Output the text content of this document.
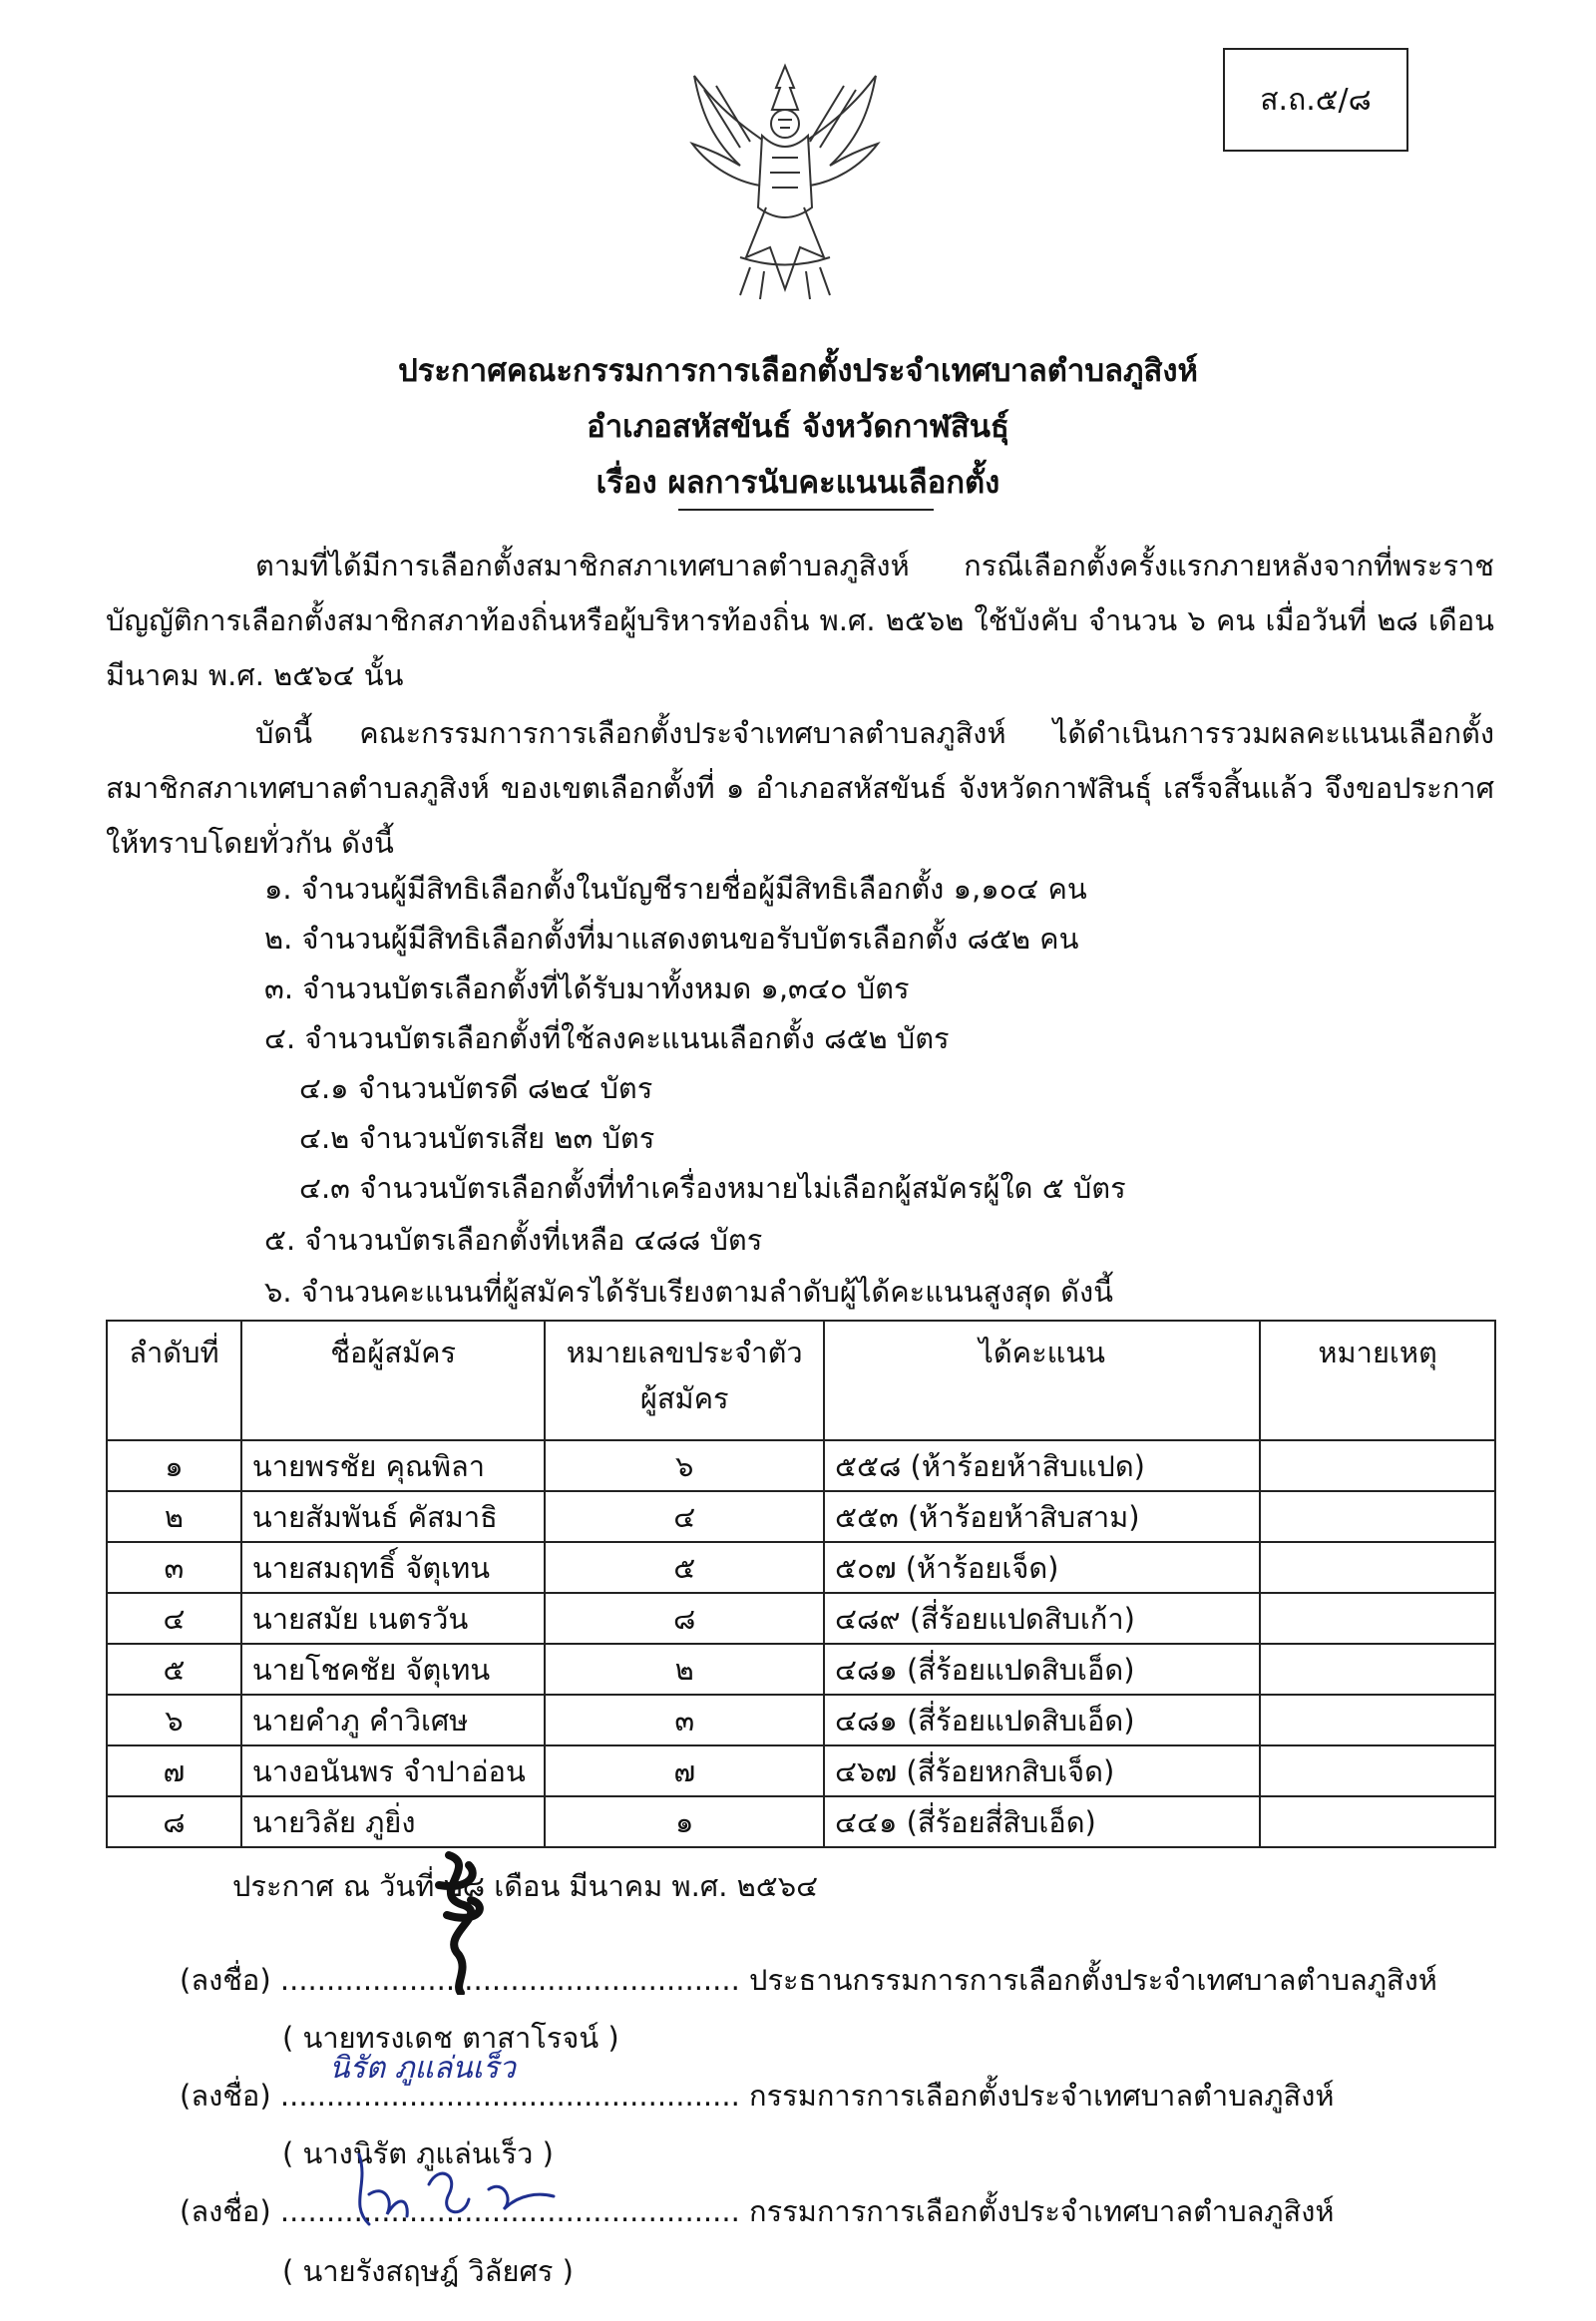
ส.ถ.๕/๘
ประกาศคณะกรรมการการเลือกตั้งประจำเทศบาลตำบลภูสิงห์
อำเภอสหัสขันธ์ จังหวัดกาฬสินธุ์
เรื่อง ผลการนับคะแนนเลือกตั้ง
ตามที่ได้มีการเลือกตั้งสมาชิกสภาเทศบาลตำบลภูสิงห์ กรณีเลือกตั้งครั้งแรกภายหลังจากที่พระราชบัญญัติการเลือกตั้งสมาชิกสภาท้องถิ่นหรือผู้บริหารท้องถิ่น พ.ศ. ๒๕๖๒ ใช้บังคับ จำนวน ๖ คน เมื่อวันที่ ๒๘ เดือน มีนาคม พ.ศ. ๒๕๖๔ นั้น
บัดนี้ คณะกรรมการการเลือกตั้งประจำเทศบาลตำบลภูสิงห์ ได้ดำเนินการรวมผลคะแนนเลือกตั้งสมาชิกสภาเทศบาลตำบลภูสิงห์ ของเขตเลือกตั้งที่ ๑ อำเภอสหัสขันธ์ จังหวัดกาฬสินธุ์ เสร็จสิ้นแล้ว จึงขอประกาศให้ทราบโดยทั่วกัน ดังนี้
๑. จำนวนผู้มีสิทธิเลือกตั้งในบัญชีรายชื่อผู้มีสิทธิเลือกตั้ง ๑,๑๐๔ คน
๒. จำนวนผู้มีสิทธิเลือกตั้งที่มาแสดงตนขอรับบัตรเลือกตั้ง ๘๕๒ คน
๓. จำนวนบัตรเลือกตั้งที่ได้รับมาทั้งหมด ๑,๓๔๐ บัตร
๔. จำนวนบัตรเลือกตั้งที่ใช้ลงคะแนนเลือกตั้ง ๘๕๒ บัตร
๔.๑ จำนวนบัตรดี ๘๒๔ บัตร
๔.๒ จำนวนบัตรเสีย ๒๓ บัตร
๔.๓ จำนวนบัตรเลือกตั้งที่ทำเครื่องหมายไม่เลือกผู้สมัครผู้ใด ๕ บัตร
๕. จำนวนบัตรเลือกตั้งที่เหลือ ๔๘๘ บัตร
๖. จำนวนคะแนนที่ผู้สมัครได้รับเรียงตามลำดับผู้ได้คะแนนสูงสุด ดังนี้
ลำดับที่	ชื่อผู้สมัคร	หมายเลขประจำตัว ผู้สมัคร	ได้คะแนน	หมายเหตุ
๑	นายพรชัย คุณพิลา	๖	๕๕๘ (ห้าร้อยห้าสิบแปด)	
๒	นายสัมพันธ์ คัสมาธิ	๔	๕๕๓ (ห้าร้อยห้าสิบสาม)	
๓	นายสมฤทธิ์ จัตุเทน	๕	๕๐๗ (ห้าร้อยเจ็ด)	
๔	นายสมัย เนตรวัน	๘	๔๘๙ (สี่ร้อยแปดสิบเก้า)	
๕	นายโชคชัย จัตุเทน	๒	๔๘๑ (สี่ร้อยแปดสิบเอ็ด)	
๖	นายคำภู คำวิเศษ	๓	๔๘๑ (สี่ร้อยแปดสิบเอ็ด)	
๗	นางอนันพร จำปาอ่อน	๗	๔๖๗ (สี่ร้อยหกสิบเจ็ด)	
๘	นายวิลัย ภูยิ่ง	๑	๔๔๑ (สี่ร้อยสี่สิบเอ็ด)	
ประกาศ ณ วันที่ ๒๘ เดือน มีนาคม พ.ศ. ๒๕๖๔
(ลงชื่อ) .................................................. ประธานกรรมการการเลือกตั้งประจำเทศบาลตำบลภูสิงห์
( นายทรงเดช ตาสาโรจน์ )
(ลงชื่อ) .................................................. กรรมการการเลือกตั้งประจำเทศบาลตำบลภูสิงห์
( นางนิรัต ภูแล่นเร็ว )
นิรัต ภูแล่นเร็ว
(ลงชื่อ) .................................................. กรรมการการเลือกตั้งประจำเทศบาลตำบลภูสิงห์
( นายรังสฤษฎ์ วิลัยศร )
